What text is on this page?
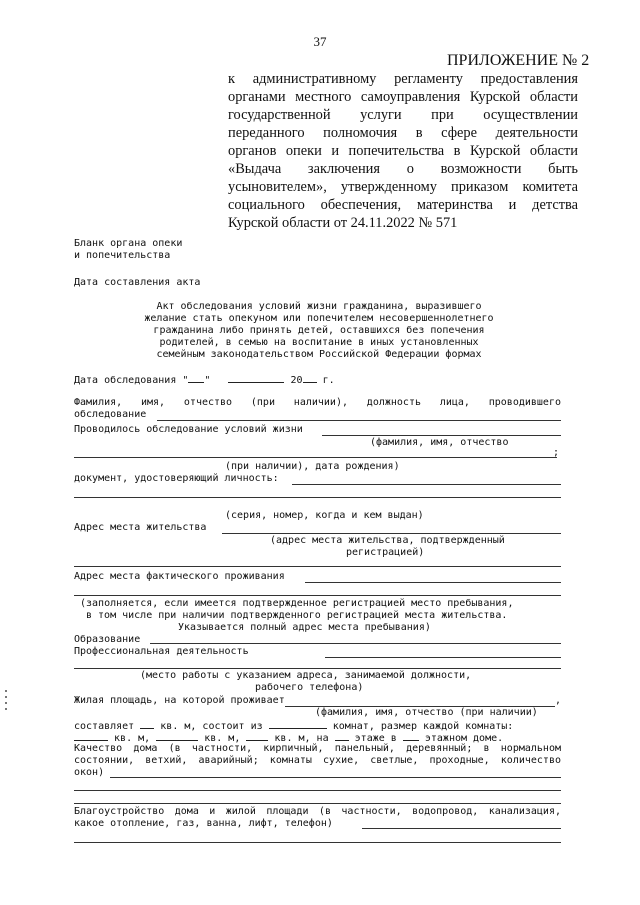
37
ПРИЛОЖЕНИЕ № 2
к административному регламенту предоставления
органами местного самоуправления Курской области
государственной услуги при осуществлении
переданного полномочия в сфере деятельности
органов опеки и попечительства в Курской области
«Выдача заключения о возможности быть
усыновителем», утвержденному приказом комитета
социального обеспечения, материнства и детства
Курской области от 24.11.2022 № 571
Бланк органа опеки
и попечительства
Дата составления акта
Акт обследования условий жизни гражданина, выразившего
желание стать опекуном или попечителем несовершеннолетнего
гражданина либо принять детей, оставшихся без попечения
родителей, в семью на воспитание в иных установленных
семейным законодательством Российской Федерации формах
Дата обследования " "	20 г.
Фамилия, имя, отчество (при наличии), должность лица, проводившего
обследование
Проводилось обследование условий жизни
(фамилия, имя, отчество
;
(при наличии), дата рождения)
документ, удостоверяющий личность:
(серия, номер, когда и кем выдан)
Адрес места жительства
(адрес места жительства, подтвержденный
регистрацией)
Адрес места фактического проживания
(заполняется, если имеется подтвержденное регистрацией место пребывания,
в том числе при наличии подтвержденного регистрацией места жительства.
Указывается полный адрес места пребывания)
Образование
Профессиональная деятельность
(место работы с указанием адреса, занимаемой должности,
рабочего телефона)
Жилая площадь, на которой проживает	,
(фамилия, имя, отчество (при наличии)
составляет	кв. м, состоит из	комнат, размер каждой комнаты:
кв. м,	кв. м,	кв. м, на	этаже в	этажном доме.
Качество дома (в частности, кирпичный, панельный, деревянный; в нормальном
состоянии, ветхий, аварийный; комнаты сухие, светлые, проходные, количество
окон)
Благоустройство дома и жилой площади (в частности, водопровод, канализация,
какое отопление, газ, ванна, лифт, телефон)
